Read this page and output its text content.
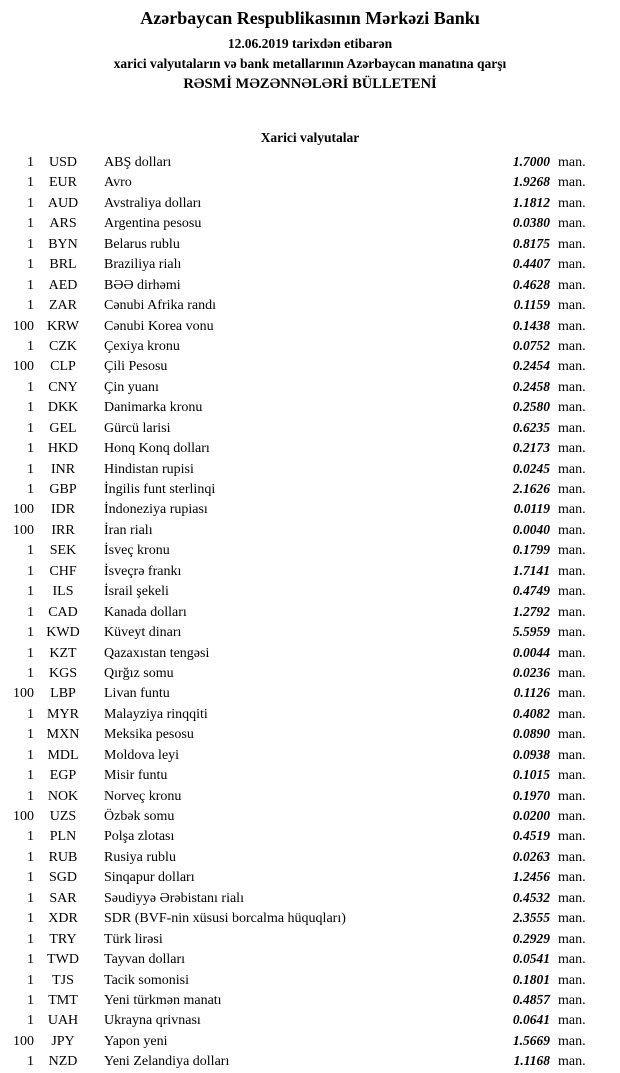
Azərbaycan Respublikasının Mərkəzi Bankı
12.06.2019 tarixdən etibarən
xarici valyutaların və bank metallarının Azərbaycan manatına qarşı
RƏSMİ MƏZƏNNƏLƏRİ BÜLLETENİ
Xarici valyutalar
1	USD	ABŞ dolları	1.7000 man.
1	EUR	Avro	1.9268 man.
1 AUD	Avstraliya dolları	1.1812 man.
1	ARS	Argentina pesosu	0.0380 man.
1	BYN	Belarus rublu	0.8175 man.
1	BRL	Braziliya rialı	0.4407 man.
1	AED	BƏƏ dirhəmi	0.4628 man.
1	ZAR	Cənubi Afrika randı	0.1159 man.
100 KRW	Cənubi Korea vonu	0.1438 man.
1	CZK	Çexiya kronu	0.0752 man.
100	CLP	Çili Pesosu	0.2454 man.
1	CNY	Çin yuanı	0.2458 man.
1 DKK	Danimarka kronu	0.2580 man.
1	GEL	Gürcü larisi	0.6235 man.
1 HKD	Honq Konq dolları	0.2173 man.
1	INR	Hindistan rupisi	0.0245 man.
1	GBP	İngilis funt sterlinqi	2.1626 man.
100	IDR	İndoneziya rupiası	0.0119 man.
100	IRR	İran rialı	0.0040 man.
1	SEK	İsveç kronu	0.1799 man.
1	CHF	İsveçrə frankı	1.7141 man.
1	ILS	İsrail şekeli	0.4749 man.
1	CAD	Kanada dolları	1.2792 man.
1 KWD	Küveyt dinarı	5.5959 man.
1	KZT	Qazaxıstan tengəsi	0.0044 man.
1	KGS	Qırğız somu	0.0236 man.
100	LBP	Livan funtu	0.1126 man.
1 MYR	Malayziya rinqqiti	0.4082 man.
1 MXN	Meksika pesosu	0.0890 man.
1 MDL	Moldova leyi	0.0938 man.
1	EGP	Misir funtu	0.1015 man.
1 NOK	Norveç kronu	0.1970 man.
100	UZS	Özbək somu	0.0200 man.
1	PLN	Polşa zlotası	0.4519 man.
1	RUB	Rusiya rublu	0.0263 man.
1	SGD	Sinqapur dolları	1.2456 man.
1	SAR	Səudiyyə Ərəbistanı rialı	0.4532 man.
1	XDR	SDR (BVF-nin xüsusi borcalma hüquqları)	2.3555 man.
1	TRY	Türk lirəsi	0.2929 man.
1 TWD	Tayvan dolları	0.0541 man.
1	TJS	Tacik somonisi	0.1801 man.
1	TMT	Yeni türkmən manatı	0.4857 man.
1 UAH	Ukrayna qrivnası	0.0641 man.
100	JPY	Yapon yeni	1.5669 man.
1	NZD	Yeni Zelandiya dolları	1.1168 man.
